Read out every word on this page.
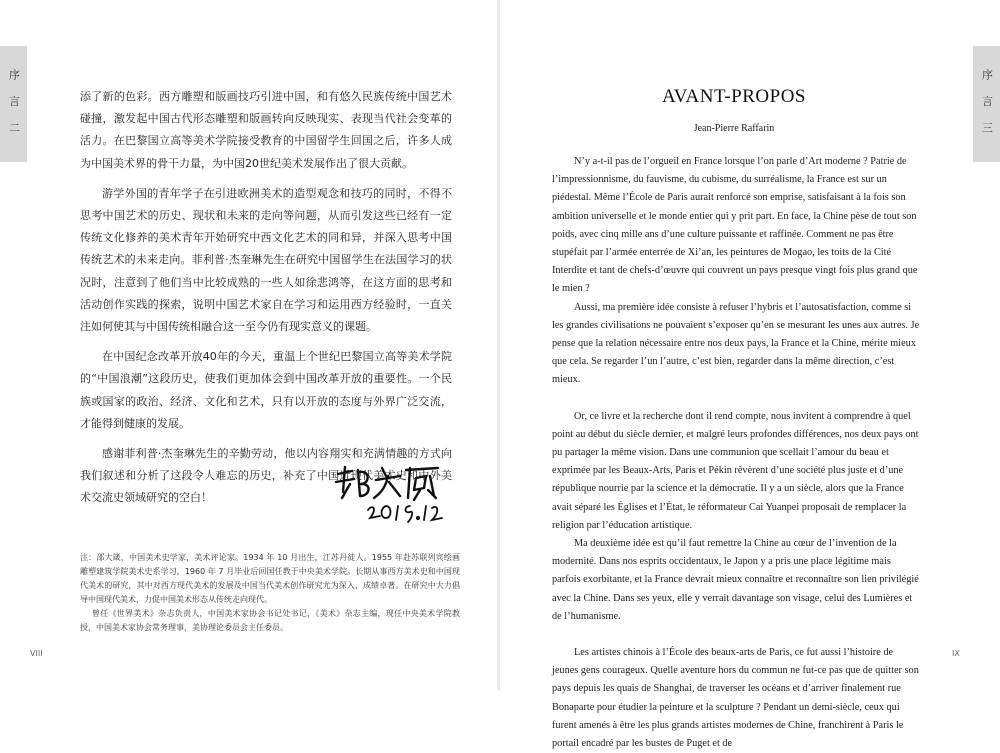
序 言 二	添了新的色彩。西方雕塑和版画技巧引进中国，和有悠久民族传统中国艺术碰撞，激发起中国古代形态雕塑和版画转向反映现实、表现当代社会变革的活力。在巴黎国立高等美术学院接受教育的中国留学生回国之后，许多人成为中国美术界的骨干力量，为中国20世纪美术发展作出了很大贡献。

游学外国的青年学子在引进欧洲美术的造型观念和技巧的同时，不得不思考中国艺术的历史、现状和未来的走向等问题，从而引发这些已经有一定传统文化修养的美术青年开始研究中西文化艺术的同和异，并深入思考中国传统艺术的未来走向。菲利普·杰奎琳先生在研究中国留学生在法国学习的状况时，注意到了他们当中比较成熟的一些人如徐悲鸿等，在这方面的思考和活动创作实践的探索，说明中国艺术家自在学习和运用西方经验时，一直关注如何使其与中国传统相融合这一至今仍有现实意义的课题。

在中国纪念改革开放40年的今天，重温上个世纪巴黎国立高等美术学院的“中国浪潮”这段历史，使我们更加体会到中国改革开放的重要性。一个民族或国家的政治、经济、文化和艺术，只有以开放的态度与外界广泛交流，才能得到健康的发展。

感谢菲利普·杰奎琳先生的辛勤劳动，他以内容翔实和充满情趣的方式向我们叙述和分析了这段令人难忘的历史，补充了中国近现代美术史和中外美术交流史领域研究的空白！

注：邵大箴，中国美术史学家，美术评论家。1934 年 10 月出生，江苏丹徒人。1955 年赴苏联列宾绘画雕塑建筑学院美术史系学习，1960 年 7 月毕业后回国任教于中央美术学院。长期从事西方美术史和中国现代美术的研究，其中对西方现代美术的发展及中国当代美术创作研究尤为深入，成绩卓著。在研究中大力倡导中国现代美术，力促中国美术形态从传统走向现代。

曾任《世界美术》杂志负责人，中国美术家协会书记处书记，《美术》杂志主编，现任中央美术学院教授，中国美术家协会常务理事，美协理论委员会主任委员。

VIII
序 言 三
IX
AVANT-PROPOS
Jean-Pierre Raffarin

N’y a-t-il pas de l’orgueil en France lorsque l’on parle d’Art moderne ? Patrie de l’impressionnisme, du fauvisme, du cubisme, du surréalisme, la France est sur un piédestal. Même l’École de Paris aurait renforcé son emprise, satisfaisant à la fois son ambition universelle et le monde entier qui y prit part. En face, la Chine pèse de tout son poids, avec cinq mille ans d’une culture puissante et raffinée. Comment ne pas être stupéfait par l’armée enterrée de Xi’an, les peintures de Mogao, les toits de la Cité Interdite et tant de chefs-d’œuvre qui couvrent un pays presque vingt fois plus grand que le mien ?

Aussi, ma première idée consiste à refuser l’hybris et l’autosatisfaction, comme si les grandes civilisations ne pouvaient s’exposer qu’en se mesurant les unes aux autres. Je pense que la relation nécessaire entre nos deux pays, la France et la Chine, mérite mieux que cela. Se regarder l’un l’autre, c’est bien, regarder dans la même direction, c’est mieux.

Or, ce livre et la recherche dont il rend compte, nous invitent à comprendre à quel point au début du siècle dernier, et malgré leurs profondes différences, nos deux pays ont pu partager la même vision. Dans une communion que scellait l’amour du beau et exprimée par les Beaux-Arts, Paris et Pékin rêvèrent d’une société plus juste et d’une république nourrie par la science et la démocratie. Il y a un siècle, alors que la France avait séparé les Églises et l’État, le réformateur Cai Yuanpei proposait de remplacer la religion par l’éducation artistique.

Ma deuxième idée est qu’il faut remettre la Chine au cœur de l’invention de la modernité. Dans nos esprits occidentaux, le Japon y a pris une place légitime mais parfois exorbitante, et la France devrait mieux connaître et reconnaître son lien privilégié avec la Chine. Dans ses yeux, elle y verrait davantage son visage, celui des Lumières et de l’humanisme.

Les artistes chinois à l’École des beaux-arts de Paris, ce fut aussi l’histoire de jeunes gens courageux. Quelle aventure hors du commun ne fut-ce pas que de quitter son pays depuis les quais de Shanghai, de traverser les océans et d’arriver finalement rue Bonaparte pour étudier la peinture et la sculpture ? Pendant un demi-siècle, ceux qui furent amenés à être les plus grands artistes modernes de Chine, franchirent à Paris le portail encadré par les bustes de Puget et de
